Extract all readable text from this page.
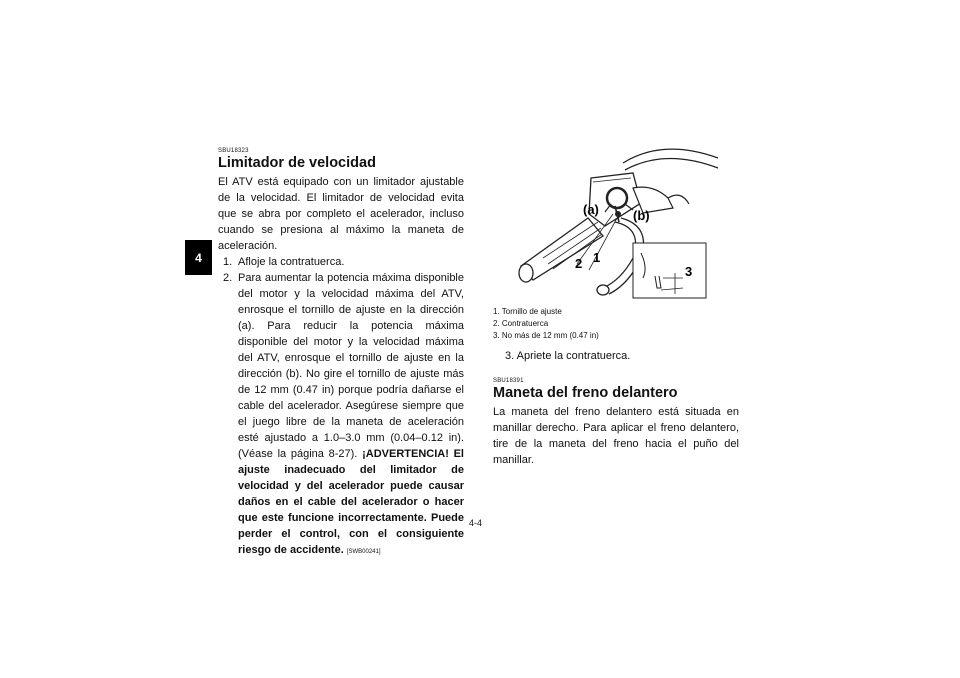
4
SBU18323
Limitador de velocidad

El ATV está equipado con un limitador ajustable de la velocidad. El limitador de velocidad evita que se abra por completo el acelerador, incluso cuando se presiona al máximo la maneta de aceleración.

1. Afloje la contratuerca.
2. Para aumentar la potencia máxima disponible del motor y la velocidad máxima del ATV, enrosque el tornillo de ajuste en la dirección (a). Para reducir la potencia máxima disponible del motor y la velocidad máxima del ATV, enrosque el tornillo de ajuste en la dirección (b). No gire el tornillo de ajuste más de 12 mm (0.47 in) porque podría dañarse el cable del acelerador. Asegúrese siempre que el juego libre de la maneta de aceleración esté ajustado a 1.0–3.0 mm (0.04–0.12 in). (Véase la página 8-27). ¡ADVERTENCIA! El ajuste inadecuado del limitador de velocidad y del acelerador puede causar daños en el cable del acelerador o hacer que este funcione incorrectamente. Puede perder el control, con el consiguiente riesgo de accidente. [SWB00241]
(a)	(b)
1
2
3
1. Tornillo de ajuste
2. Contratuerca
3. No más de 12 mm (0.47 in)
3. Apriete la contratuerca.
SBU18391
Maneta del freno delantero

La maneta del freno delantero está situada en manillar derecho. Para aplicar el freno delantero, tire de la maneta del freno hacia el puño del manillar.

4-4
